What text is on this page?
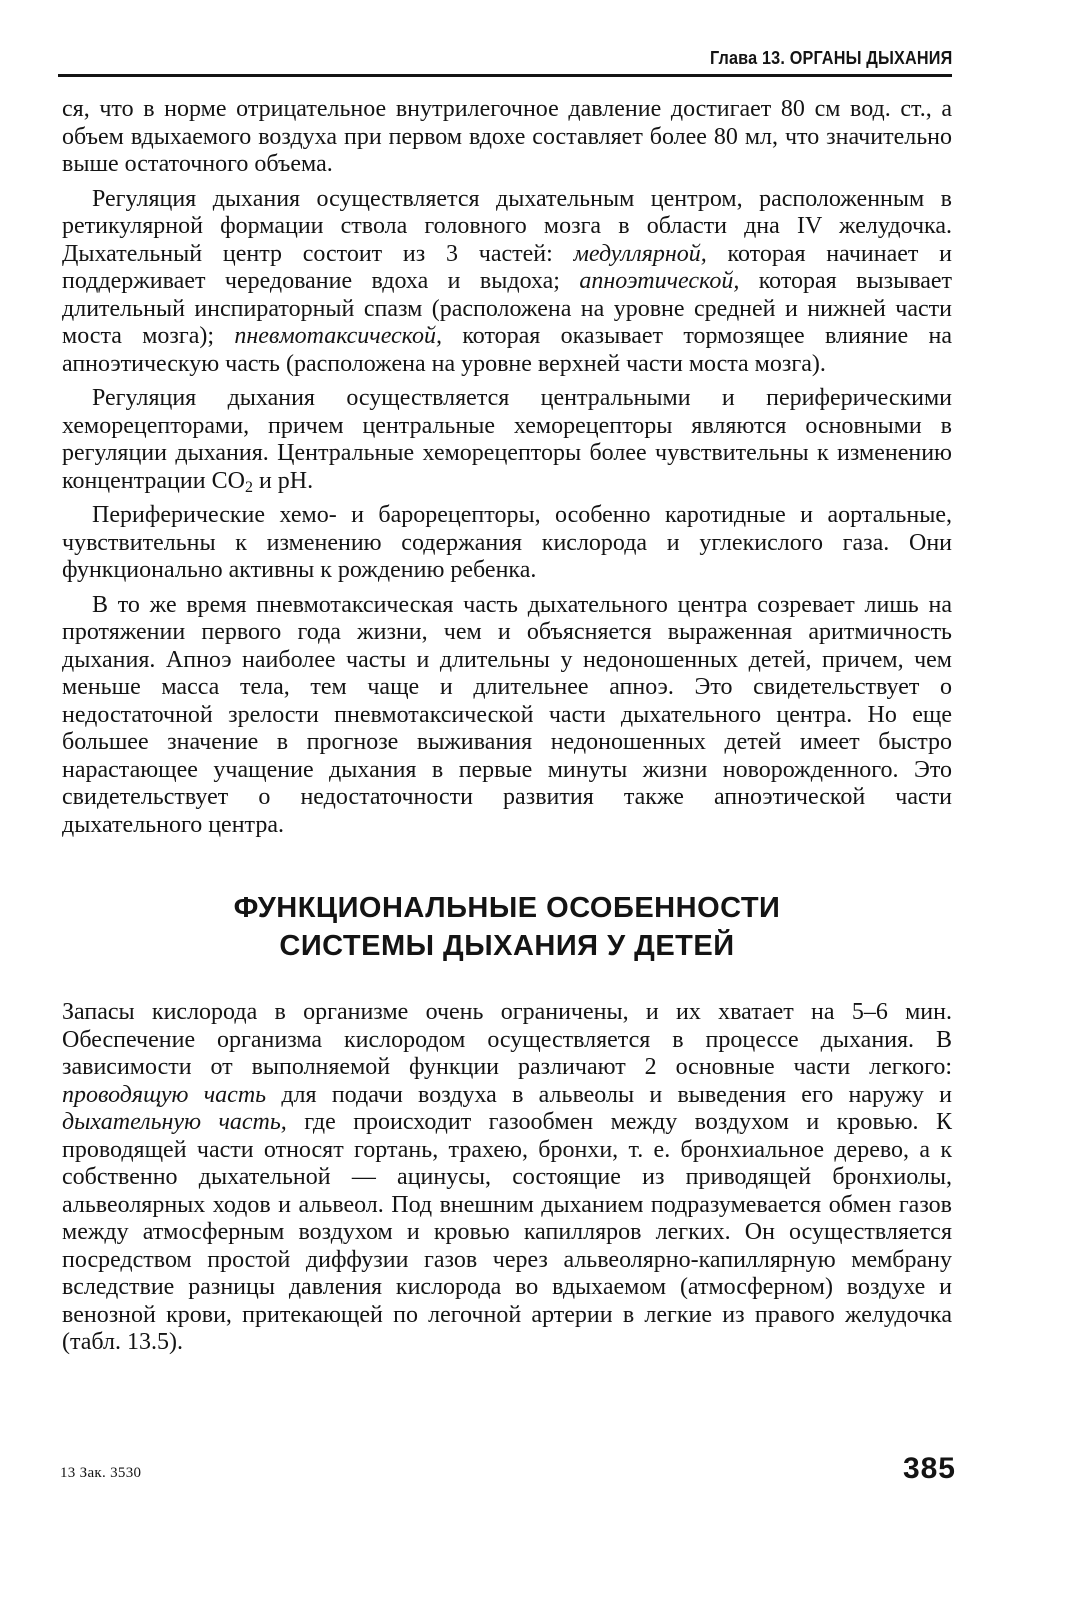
Глава 13. ОРГАНЫ ДЫХАНИЯ

ся, что в норме отрицательное внутрилегочное давление достигает 80 см вод. ст., а объем вдыхаемого воздуха при первом вдохе составляет более 80 мл, что значительно выше остаточного объема.

Регуляция дыхания осуществляется дыхательным центром, расположенным в ретикулярной формации ствола головного мозга в области дна IV желудочка. Дыхательный центр состоит из 3 частей: медуллярной, которая начинает и поддерживает чередование вдоха и выдоха; апноэтической, которая вызывает длительный инспираторный спазм (расположена на уровне средней и нижней части моста мозга); пневмотаксической, которая оказывает тормозящее влияние на апноэтическую часть (расположена на уровне верхней части моста мозга).

Регуляция дыхания осуществляется центральными и периферическими хеморецепторами, причем центральные хеморецепторы являются основными в регуляции дыхания. Центральные хеморецепторы более чувствительны к изменению концентрации $CO_2$ и pH.

Периферические хемо- и барорецепторы, особенно каротидные и аортальные, чувствительны к изменению содержания кислорода и углекислого газа. Они функционально активны к рождению ребенка.

В то же время пневмотаксическая часть дыхательного центра созревает лишь на протяжении первого года жизни, чем и объясняется выраженная аритмичность дыхания. Апноэ наиболее часты и длительны у недоношенных детей, причем, чем меньше масса тела, тем чаще и длительнее апноэ. Это свидетельствует о недостаточной зрелости пневмотаксической части дыхательного центра. Но еще большее значение в прогнозе выживания недоношенных детей имеет быстро нарастающее учащение дыхания в первые минуты жизни новорожденного. Это свидетельствует о недостаточности развития также апноэтической части дыхательного центра.

ФУНКЦИОНАЛЬНЫЕ ОСОБЕННОСТИ
СИСТЕМЫ ДЫХАНИЯ У ДЕТЕЙ

Запасы кислорода в организме очень ограничены, и их хватает на 5–6 мин. Обеспечение организма кислородом осуществляется в процессе дыхания. В зависимости от выполняемой функции различают 2 основные части легкого: проводящую часть для подачи воздуха в альвеолы и выведения его наружу и дыхательную часть, где происходит газообмен между воздухом и кровью. К проводящей части относят гортань, трахею, бронхи, т. е. бронхиальное дерево, а к собственно дыхательной — ацинусы, состоящие из приводящей бронхиолы, альвеолярных ходов и альвеол. Под внешним дыханием подразумевается обмен газов между атмосферным воздухом и кровью капилляров легких. Он осуществляется посредством простой диффузии газов через альвеолярно-капиллярную мембрану вследствие разницы давления кислорода во вдыхаемом (атмосферном) воздухе и венозной крови, притекающей по легочной артерии в легкие из правого желудочка (табл. 13.5).

13 Зак. 3530	385
